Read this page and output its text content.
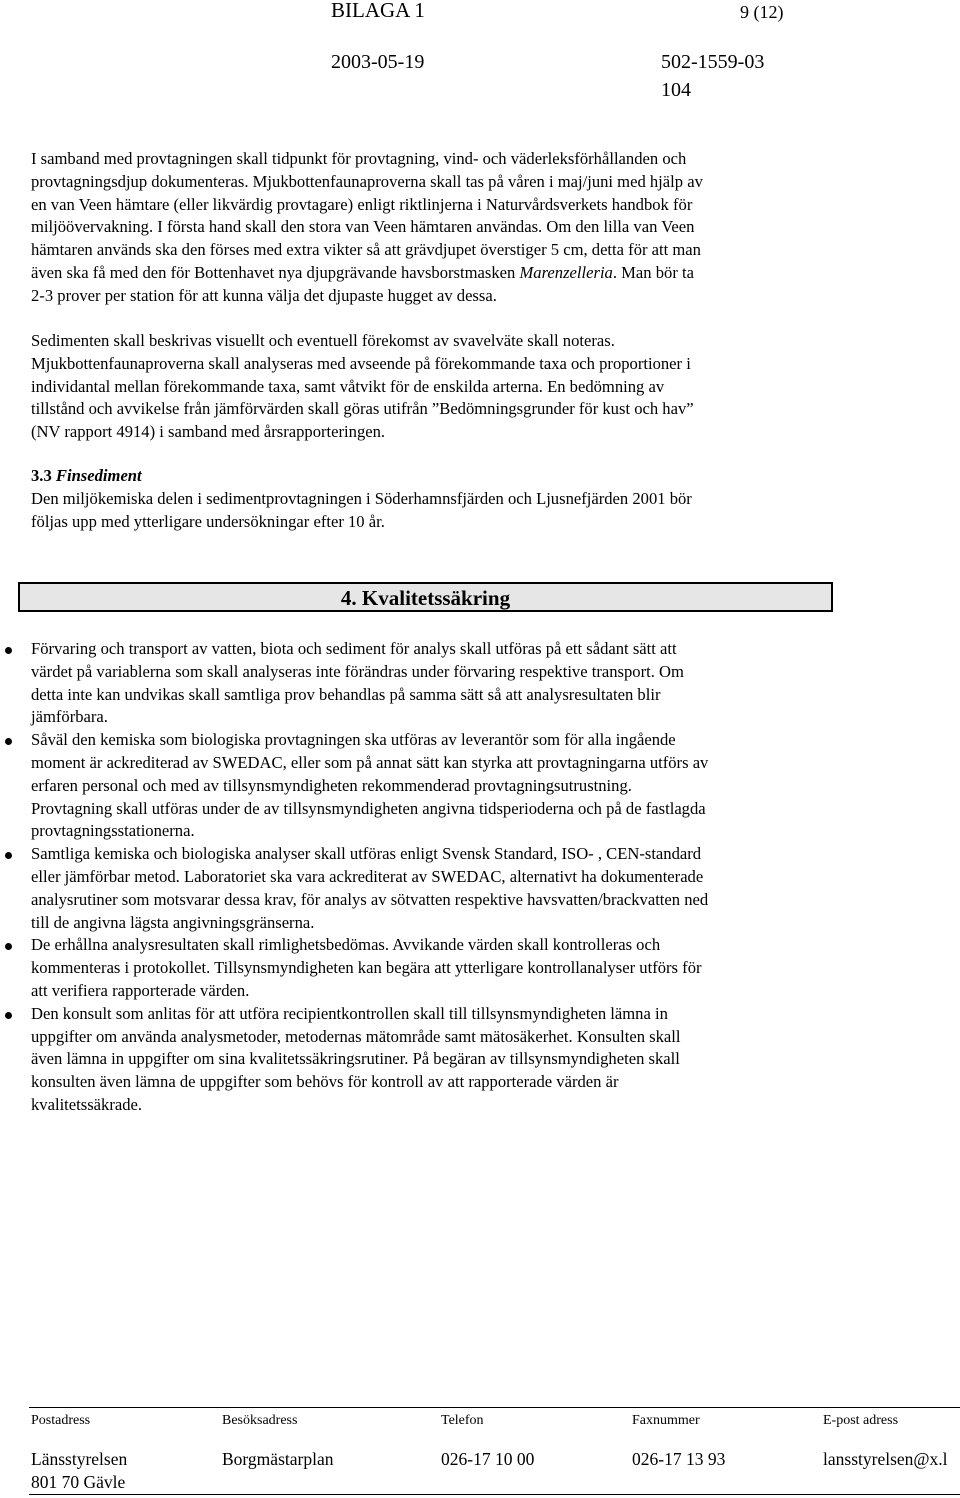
BILAGA 1	9 (12)
2003-05-19	502-1559-03
104
I samband med provtagningen skall tidpunkt för provtagning, vind- och väderleksförhållanden och
provtagningsdjup dokumenteras. Mjukbottenfaunaproverna skall tas på våren i maj/juni med hjälp av
en van Veen hämtare (eller likvärdig provtagare) enligt riktlinjerna i Naturvårdsverkets handbok för
miljöövervakning. I första hand skall den stora van Veen hämtaren användas. Om den lilla van Veen
hämtaren används ska den förses med extra vikter så att grävdjupet överstiger 5 cm, detta för att man
även ska få med den för Bottenhavet nya djupgrävande havsborstmasken Marenzelleria. Man bör ta
2-3 prover per station för att kunna välja det djupaste hugget av dessa.
Sedimenten skall beskrivas visuellt och eventuell förekomst av svavelväte skall noteras.
Mjukbottenfaunaproverna skall analyseras med avseende på förekommande taxa och proportioner i
individantal mellan förekommande taxa, samt våtvikt för de enskilda arterna. En bedömning av
tillstånd och avvikelse från jämförvärden skall göras utifrån ”Bedömningsgrunder för kust och hav”
(NV rapport 4914) i samband med årsrapporteringen.
3.3 Finsediment
Den miljökemiska delen i sedimentprovtagningen i Söderhamnsfjärden och Ljusnefjärden 2001 bör
följas upp med ytterligare undersökningar efter 10 år.
4. Kvalitetssäkring
Förvaring och transport av vatten, biota och sediment för analys skall utföras på ett sådant sätt att
värdet på variablerna som skall analyseras inte förändras under förvaring respektive transport. Om
detta inte kan undvikas skall samtliga prov behandlas på samma sätt så att analysresultaten blir
jämförbara.
Såväl den kemiska som biologiska provtagningen ska utföras av leverantör som för alla ingående
moment är ackrediterad av SWEDAC, eller som på annat sätt kan styrka att provtagningarna utförs av
erfaren personal och med av tillsynsmyndigheten rekommenderad provtagningsutrustning.
Provtagning skall utföras under de av tillsynsmyndigheten angivna tidsperioderna och på de fastlagda
provtagningsstationerna.
Samtliga kemiska och biologiska analyser skall utföras enligt Svensk Standard, ISO- , CEN-standard
eller jämförbar metod. Laboratoriet ska vara ackrediterat av SWEDAC, alternativt ha dokumenterade
analysrutiner som motsvarar dessa krav, för analys av sötvatten respektive havsvatten/brackvatten ned
till de angivna lägsta angivningsgränserna.
De erhållna analysresultaten skall rimlighetsbedömas. Avvikande värden skall kontrolleras och
kommenteras i protokollet. Tillsynsmyndigheten kan begära att ytterligare kontrollanalyser utförs för
att verifiera rapporterade värden.
Den konsult som anlitas för att utföra recipientkontrollen skall till tillsynsmyndigheten lämna in
uppgifter om använda analysmetoder, metodernas mätområde samt mätosäkerhet. Konsulten skall
även lämna in uppgifter om sina kvalitetssäkringsrutiner. På begäran av tillsynsmyndigheten skall
konsulten även lämna de uppgifter som behövs för kontroll av att rapporterade värden är
kvalitetssäkrade.
Postadress	Besöksadress	Telefon	Faxnummer	E-post adress
Länsstyrelsen	Borgmästarplan	026-17 10 00	026-17 13 93	lansstyrelsen@x.l
801 70 Gävle
